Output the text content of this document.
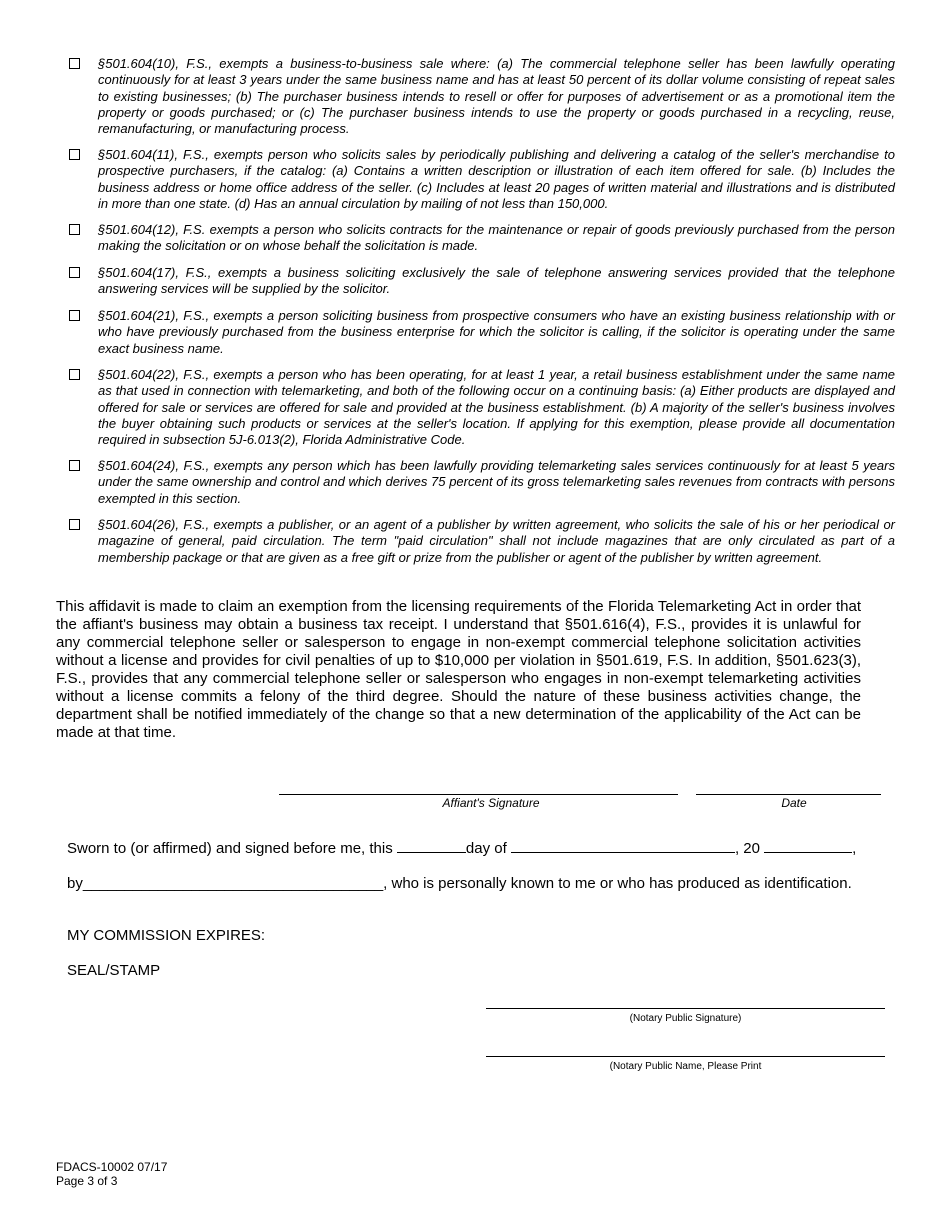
§501.604(10), F.S., exempts a business-to-business sale where: (a) The commercial telephone seller has been lawfully operating continuously for at least 3 years under the same business name and has at least 50 percent of its dollar volume consisting of repeat sales to existing businesses; (b) The purchaser business intends to resell or offer for purposes of advertisement or as a promotional item the property or goods purchased; or (c) The purchaser business intends to use the property or goods purchased in a recycling, reuse, remanufacturing, or manufacturing process.
§501.604(11), F.S., exempts person who solicits sales by periodically publishing and delivering a catalog of the seller's merchandise to prospective purchasers, if the catalog: (a) Contains a written description or illustration of each item offered for sale. (b) Includes the business address or home office address of the seller. (c) Includes at least 20 pages of written material and illustrations and is distributed in more than one state. (d) Has an annual circulation by mailing of not less than 150,000.
§501.604(12), F.S. exempts a person who solicits contracts for the maintenance or repair of goods previously purchased from the person making the solicitation or on whose behalf the solicitation is made.
§501.604(17), F.S., exempts a business soliciting exclusively the sale of telephone answering services provided that the telephone answering services will be supplied by the solicitor.
§501.604(21), F.S., exempts a person soliciting business from prospective consumers who have an existing business relationship with or who have previously purchased from the business enterprise for which the solicitor is calling, if the solicitor is operating under the same exact business name.
§501.604(22), F.S., exempts a person who has been operating, for at least 1 year, a retail business establishment under the same name as that used in connection with telemarketing, and both of the following occur on a continuing basis: (a) Either products are displayed and offered for sale or services are offered for sale and provided at the business establishment. (b) A majority of the seller's business involves the buyer obtaining such products or services at the seller's location. If applying for this exemption, please provide all documentation required in subsection 5J-6.013(2), Florida Administrative Code.
§501.604(24), F.S., exempts any person which has been lawfully providing telemarketing sales services continuously for at least 5 years under the same ownership and control and which derives 75 percent of its gross telemarketing sales revenues from contracts with persons exempted in this section.
§501.604(26), F.S., exempts a publisher, or an agent of a publisher by written agreement, who solicits the sale of his or her periodical or magazine of general, paid circulation. The term "paid circulation" shall not include magazines that are only circulated as part of a membership package or that are given as a free gift or prize from the publisher or agent of the publisher by written agreement.
This affidavit is made to claim an exemption from the licensing requirements of the Florida Telemarketing Act in order that the affiant's business may obtain a business tax receipt. I understand that §501.616(4), F.S., provides it is unlawful for any commercial telephone seller or salesperson to engage in non-exempt commercial telephone solicitation activities without a license and provides for civil penalties of up to $10,000 per violation in §501.619, F.S. In addition, §501.623(3), F.S., provides that any commercial telephone seller or salesperson who engages in non-exempt telemarketing activities without a license commits a felony of the third degree. Should the nature of these business activities change, the department shall be notified immediately of the change so that a new determination of the applicability of the Act can be made at that time.
Affiant's Signature	Date
Sworn to (or affirmed) and signed before me, this	day of	, 20	,
by____________________________________, who is personally known to me or who has produced as identification.
MY COMMISSION EXPIRES:
SEAL/STAMP
(Notary Public Signature)
(Notary Public Name, Please Print
FDACS-10002 07/17
Page 3 of 3
